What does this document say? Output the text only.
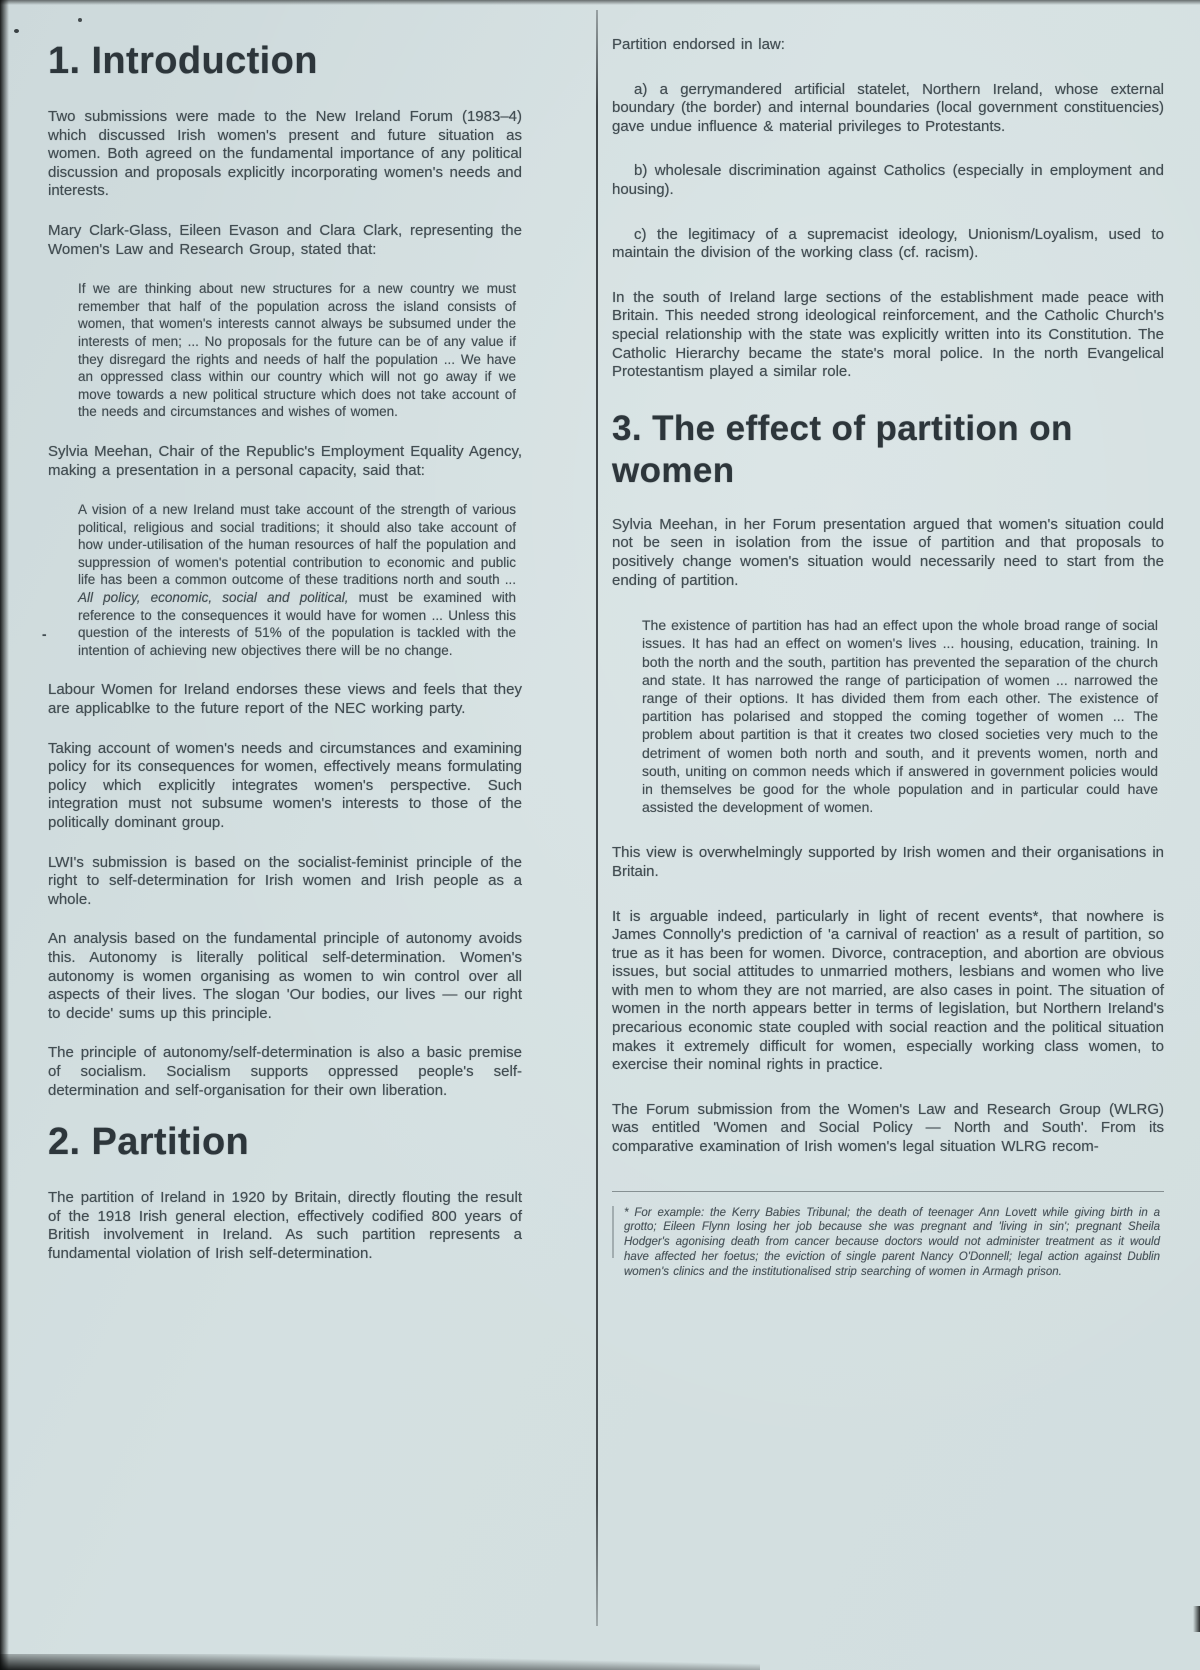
1. Introduction

Two submissions were made to the New Ireland Forum (1983–4) which discussed Irish women's present and future situation as women. Both agreed on the fundamental importance of any political discussion and proposals explicitly incorporating women's needs and interests.

Mary Clark-Glass, Eileen Evason and Clara Clark, representing the Women's Law and Research Group, stated that:

If we are thinking about new structures for a new country we must remember that half of the population across the island consists of women, that women's interests cannot always be subsumed under the interests of men; ... No proposals for the future can be of any value if they disregard the rights and needs of half the population ... We have an oppressed class within our country which will not go away if we move towards a new political structure which does not take account of the needs and circumstances and wishes of women.

Sylvia Meehan, Chair of the Republic's Employment Equality Agency, making a presentation in a personal capacity, said that:

-
A vision of a new Ireland must take account of the strength of various political, religious and social traditions; it should also take account of how under-utilisation of the human resources of half the population and suppression of women's potential contribution to economic and public life has been a common outcome of these traditions north and south ... All policy, economic, social and political, must be examined with reference to the consequences it would have for women ... Unless this question of the interests of 51% of the population is tackled with the intention of achieving new objectives there will be no change.

Labour Women for Ireland endorses these views and feels that they are applicablke to the future report of the NEC working party.

Taking account of women's needs and circumstances and examining policy for its consequences for women, effectively means formulating policy which explicitly integrates women's perspective. Such integration must not subsume women's interests to those of the politically dominant group.

LWI's submission is based on the socialist-feminist principle of the right to self-determination for Irish women and Irish people as a whole.

An analysis based on the fundamental principle of autonomy avoids this. Autonomy is literally political self-determination. Women's autonomy is women organising as women to win control over all aspects of their lives. The slogan 'Our bodies, our lives — our right to decide' sums up this principle.

The principle of autonomy/self-determination is also a basic premise of socialism. Socialism supports oppressed people's self-determination and self-organisation for their own liberation.

2. Partition

The partition of Ireland in 1920 by Britain, directly flouting the result of the 1918 Irish general election, effectively codified 800 years of British involvement in Ireland. As such partition represents a fundamental violation of Irish self-determination.

Partition endorsed in law:

a) a gerrymandered artificial statelet, Northern Ireland, whose external boundary (the border) and internal boundaries (local government constituencies) gave undue influence & material privileges to Protestants.

b) wholesale discrimination against Catholics (especially in employment and housing).

c) the legitimacy of a supremacist ideology, Unionism/Loyalism, used to maintain the division of the working class (cf. racism).

In the south of Ireland large sections of the establishment made peace with Britain. This needed strong ideological reinforcement, and the Catholic Church's special relationship with the state was explicitly written into its Constitution. The Catholic Hierarchy became the state's moral police. In the north Evangelical Protestantism played a similar role.

3. The effect of partition on women

Sylvia Meehan, in her Forum presentation argued that women's situation could not be seen in isolation from the issue of partition and that proposals to positively change women's situation would necessarily need to start from the ending of partition.

The existence of partition has had an effect upon the whole broad range of social issues. It has had an effect on women's lives ... housing, education, training. In both the north and the south, partition has prevented the separation of the church and state. It has narrowed the range of participation of women ... narrowed the range of their options. It has divided them from each other. The existence of partition has polarised and stopped the coming together of women ... The problem about partition is that it creates two closed societies very much to the detriment of women both north and south, and it prevents women, north and south, uniting on common needs which if answered in government policies would in themselves be good for the whole population and in particular could have assisted the development of women.

This view is overwhelmingly supported by Irish women and their organisations in Britain.

It is arguable indeed, particularly in light of recent events*, that nowhere is James Connolly's prediction of 'a carnival of reaction' as a result of partition, so true as it has been for women. Divorce, contraception, and abortion are obvious issues, but social attitudes to unmarried mothers, lesbians and women who live with men to whom they are not married, are also cases in point. The situation of women in the north appears better in terms of legislation, but Northern Ireland's precarious economic state coupled with social reaction and the political situation makes it extremely difficult for women, especially working class women, to exercise their nominal rights in practice.

The Forum submission from the Women's Law and Research Group (WLRG) was entitled 'Women and Social Policy — North and South'. From its comparative examination of Irish women's legal situation WLRG recom-

* For example: the Kerry Babies Tribunal; the death of teenager Ann Lovett while giving birth in a grotto; Eileen Flynn losing her job because she was pregnant and 'living in sin'; pregnant Sheila Hodger's agonising death from cancer because doctors would not administer treatment as it would have affected her foetus; the eviction of single parent Nancy O'Donnell; legal action against Dublin women's clinics and the institutionalised strip searching of women in Armagh prison.
